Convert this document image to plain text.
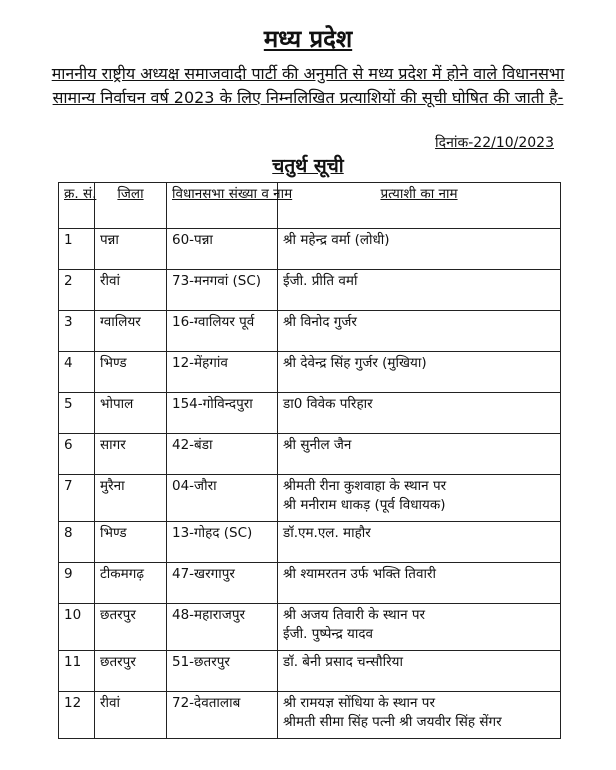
मध्य प्रदेश
माननीय राष्ट्रीय अध्यक्ष समाजवादी पार्टी की अनुमति से मध्य प्रदेश में होने वाले विधानसभा सामान्य निर्वाचन वर्ष 2023 के लिए निम्नलिखित प्रत्याशियों की सूची घोषित की जाती है-
दिनांक-22/10/2023
चतुर्थ सूची
क्र. सं.	जिला	विधानसभा संख्या व नाम	प्रत्याशी का नाम
1	पन्ना	60-पन्ना	श्री महेन्द्र वर्मा (लोधी)

2	रीवां	73-मनगवां (SC)	ईजी. प्रीति वर्मा

3	ग्वालियर	16-ग्वालियर पूर्व	श्री विनोद गुर्जर

4	भिण्ड	12-मेंहगांव	श्री देवेन्द्र सिंह गुर्जर (मुखिया)

5	भोपाल	154-गोविन्दपुरा	डा0 विवेक परिहार

6	सागर	42-बंडा	श्री सुनील जैन

7	मुरैना	04-जौरा	श्रीमती रीना कुशवाहा के स्थान पर
श्री मनीराम धाकड़ (पूर्व विधायक)

8	भिण्ड	13-गोहद (SC)	डॉ.एम.एल. माहौर

9	टीकमगढ़	47-खरगापुर	श्री श्यामरतन उर्फ भक्ति तिवारी

10	छतरपुर	48-महाराजपुर	श्री अजय तिवारी के स्थान पर
ईजी. पुष्पेन्द्र यादव

11	छतरपुर	51-छतरपुर	डॉ. बेनी प्रसाद चन्सौरिया

12	रीवां	72-देवतालाब	श्री रामयज्ञ सोंधिया के स्थान पर
श्रीमती सीमा सिंह पत्नी श्री जयवीर सिंह सेंगर
